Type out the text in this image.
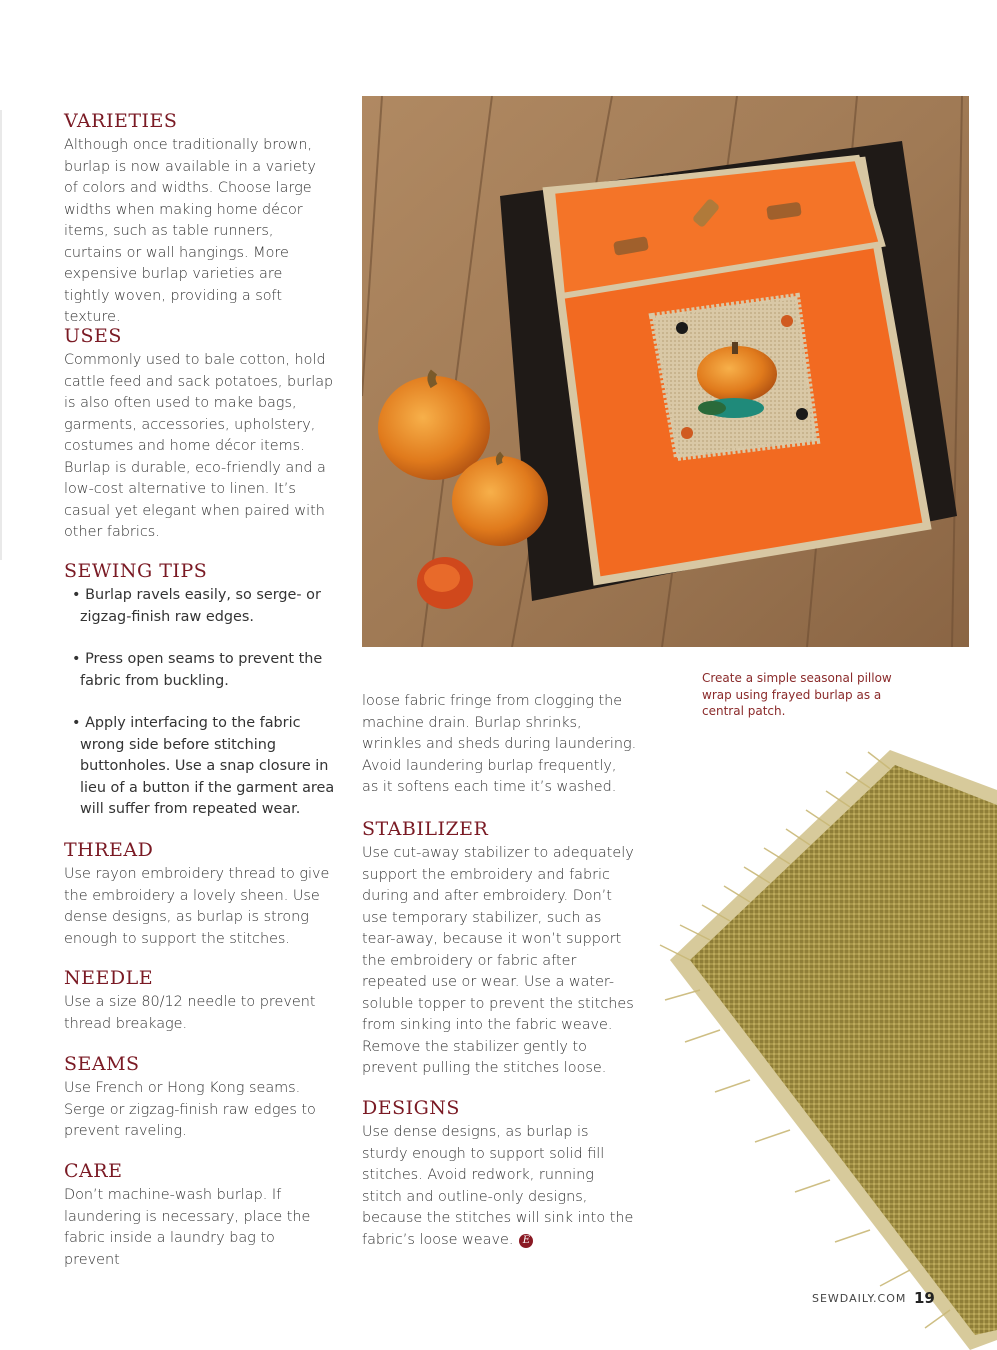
VARIETIES

Although once traditionally brown, burlap is now available in a variety of colors and widths. Choose large widths when making home décor items, such as table runners, curtains or wall hangings. More expensive burlap varieties are tightly woven, providing a soft texture.

USES

Commonly used to bale cotton, hold cattle feed and sack potatoes, burlap is also often used to make bags, garments, accessories, upholstery, costumes and home décor items. Burlap is durable, eco-friendly and a low-cost alternative to linen. It’s casual yet elegant when paired with other fabrics.

SEWING TIPS

• Burlap ravels easily, so serge- or zigzag-finish raw edges.

• Press open seams to prevent the fabric from buckling.

• Apply interfacing to the fabric wrong side before stitching buttonholes. Use a snap closure in lieu of a button if the garment area will suffer from repeated wear.

THREAD

Use rayon embroidery thread to give the embroidery a lovely sheen. Use dense designs, as burlap is strong enough to support the stitches.

NEEDLE

Use a size 80/12 needle to prevent thread breakage.

SEAMS

Use French or Hong Kong seams. Serge or zigzag-finish raw edges to prevent raveling.

CARE

Don’t machine-wash burlap. If laundering is necessary, place the fabric inside a laundry bag to prevent

Create a simple seasonal pillow wrap using frayed burlap as a central patch.

loose fabric fringe from clogging the machine drain. Burlap shrinks, wrinkles and sheds during laundering. Avoid laundering burlap frequently, as it softens each time it’s washed.

STABILIZER

Use cut-away stabilizer to adequately support the embroidery and fabric during and after embroidery. Don’t use temporary stabilizer, such as tear-away, because it won’t support the embroidery or fabric after repeated use or wear. Use a water-soluble topper to prevent the stitches from sinking into the fabric weave. Remove the stabilizer gently to prevent pulling the stitches loose.

DESIGNS

Use dense designs, as burlap is sturdy enough to support solid fill stitches. Avoid redwork, running stitch and outline-only designs, because the stitches will sink into the fabric’s loose weave. E

SEWDAILY.COM 19
